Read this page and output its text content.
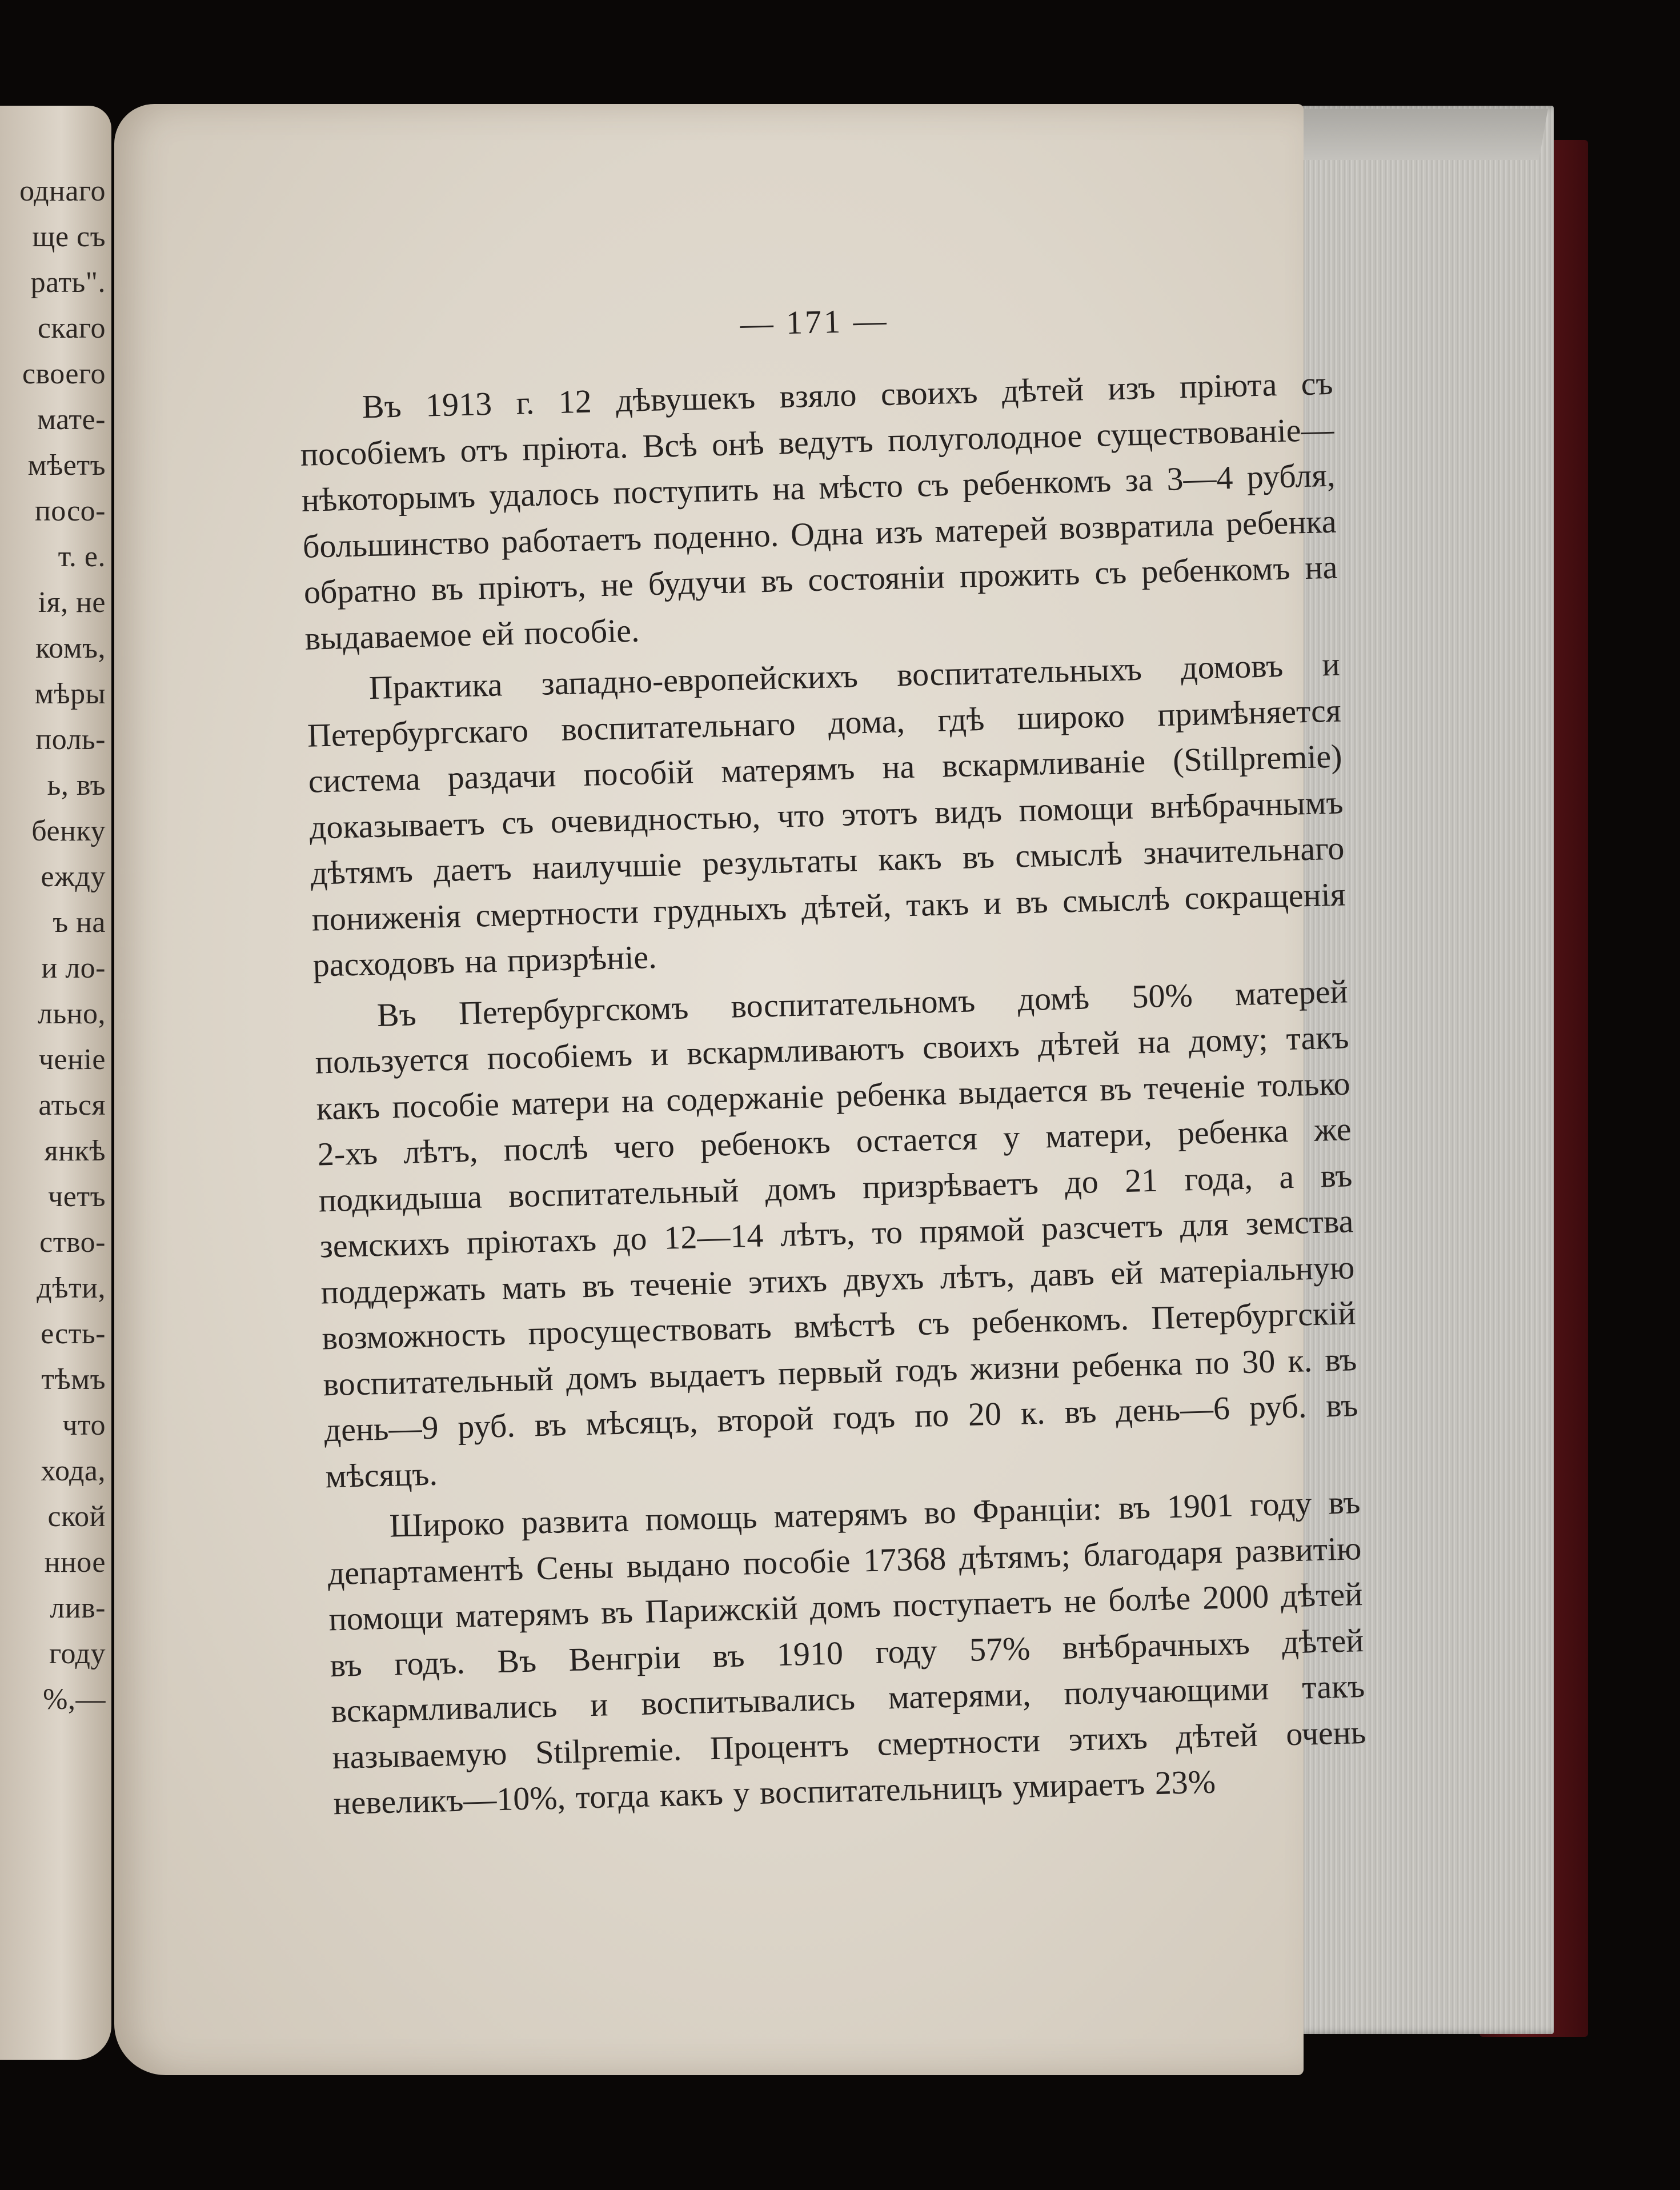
однаго
ще съ
рать".
скаго
своего
мате-
мѣетъ
посо-
т. е.
ія, не
комъ,
мѣры
поль-
ь, въ
бенку
ежду
ъ на
и ло-
льно,
ченіе
аться
янкѣ
четъ
ство-
дѣти,
есть-
тѣмъ
что
хода,
ской
нное
лив-
году
%,—
— 171 —

Въ 1913 г. 12 дѣвушекъ взяло своихъ дѣтей изъ пріюта съ пособіемъ отъ пріюта. Всѣ онѣ ведутъ полуголодное существованіе—нѣкоторымъ удалось поступить на мѣсто съ ребенкомъ за 3—4 рубля, большинство работаетъ поденно. Одна изъ матерей возвратила ребенка обратно въ пріютъ, не будучи въ состояніи прожить съ ребенкомъ на выдаваемое ей пособіе.

Практика западно-европейскихъ воспитательныхъ домовъ и Петербургскаго воспитательнаго дома, гдѣ широко примѣняется система раздачи пособій матерямъ на вскармливаніе (Stillpremie) доказываетъ съ очевидностью, что этотъ видъ помощи внѣбрачнымъ дѣтямъ даетъ наилучшіе результаты какъ въ смыслѣ значительнаго пониженія смертности грудныхъ дѣтей, такъ и въ смыслѣ сокращенія расходовъ на призрѣніе.

Въ Петербургскомъ воспитательномъ домѣ 50% матерей пользуется пособіемъ и вскармливаютъ своихъ дѣтей на дому; такъ какъ пособіе матери на содержаніе ребенка выдается въ теченіе только 2-хъ лѣтъ, послѣ чего ребенокъ остается у матери, ребенка же подкидыша воспитательный домъ призрѣваетъ до 21 года, а въ земскихъ пріютахъ до 12—14 лѣтъ, то прямой разсчетъ для земства поддержать мать въ теченіе этихъ двухъ лѣтъ, давъ ей матеріальную возможность просуществовать вмѣстѣ съ ребенкомъ. Петербургскій воспитательный домъ выдаетъ первый годъ жизни ребенка по 30 к. въ день—9 руб. въ мѣсяцъ, второй годъ по 20 к. въ день—6 руб. въ мѣсяцъ.

Широко развита помощь матерямъ во Франціи: въ 1901 году въ департаментѣ Сены выдано пособіе 17368 дѣтямъ; благодаря развитію помощи матерямъ въ Парижскій домъ поступаетъ не болѣе 2000 дѣтей въ годъ. Въ Венгріи въ 1910 году 57% внѣбрачныхъ дѣтей вскармливались и воспитывались матерями, получающими такъ называемую Stilpremie. Процентъ смертности этихъ дѣтей очень невеликъ—10%, тогда какъ у воспитательницъ умираетъ 23%
